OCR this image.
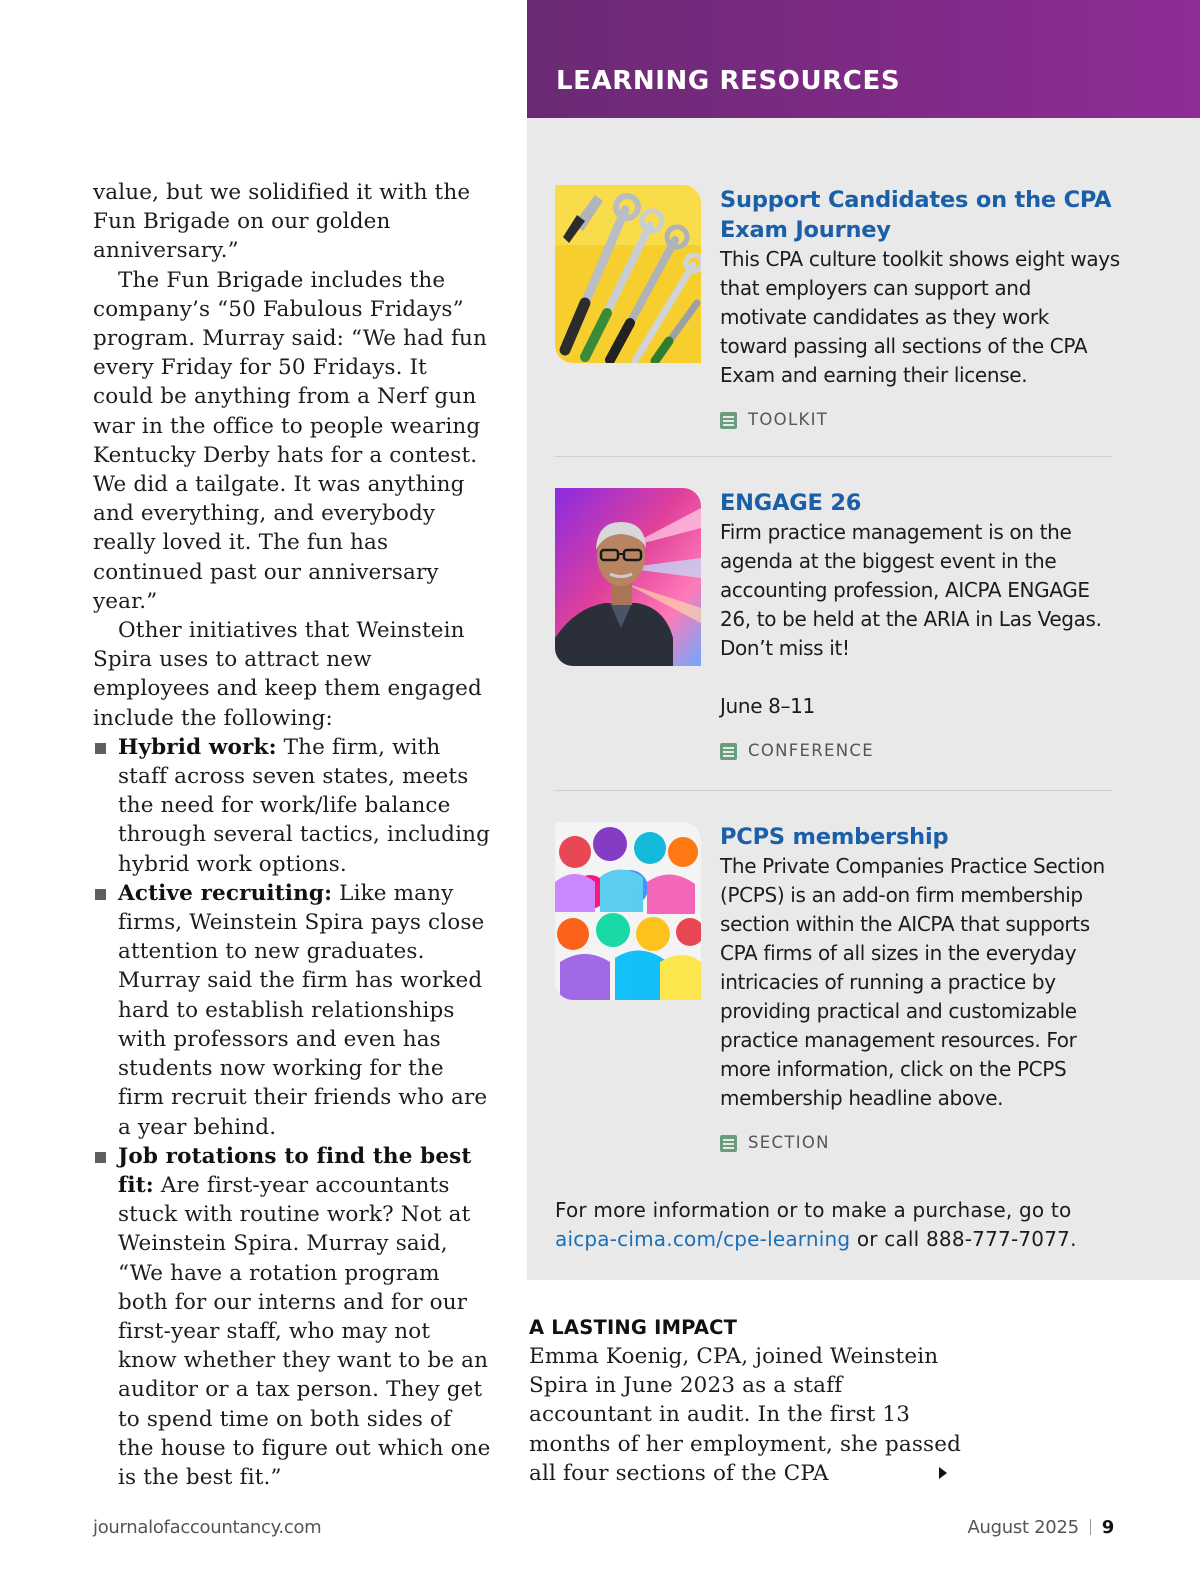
value, but we solidified it with the Fun Brigade on our golden anniversary.”

The Fun Brigade includes the company’s “50 Fabulous Fridays” program. Murray said: “We had fun every Friday for 50 Fridays. It could be anything from a Nerf gun war in the office to people wearing Kentucky Derby hats for a contest. We did a tailgate. It was anything and everything, and everybody really loved it. The fun has continued past our anniversary year.”

Other initiatives that Weinstein Spira uses to attract new employees and keep them engaged include the following:

Hybrid work: The firm, with staff across seven states, meets the need for work/life balance through several tactics, including hybrid work options.
Active recruiting: Like many firms, Weinstein Spira pays close attention to new graduates. Murray said the firm has worked hard to establish relationships with professors and even has students now working for the firm recruit their friends who are a year behind.
Job rotations to find the best fit: Are first-year accountants stuck with routine work? Not at Weinstein Spira. Murray said, “We have a rotation program both for our interns and for our first-year staff, who may not know whether they want to be an auditor or a tax person. They get to spend time on both sides of the house to figure out which one is the best fit.”
LEARNING RESOURCES
Support Candidates on the CPA Exam Journey
This CPA culture toolkit shows eight ways that employers can support and motivate candidates as they work toward passing all sections of the CPA Exam and earning their license.
TOOLKIT
ENGAGE 26
Firm practice management is on the agenda at the biggest event in the accounting profession, AICPA ENGAGE 26, to be held at the ARIA in Las Vegas. Don’t miss it!
June 8–11
CONFERENCE
PCPS membership
The Private Companies Practice Section (PCPS) is an add-on firm membership section within the AICPA that supports CPA firms of all sizes in the everyday intricacies of running a practice by providing practical and customizable practice management resources. For more information, click on the PCPS membership headline above.
SECTION
For more information or to make a purchase, go to
aicpa-cima.com/cpe-learning or call 888-777-7077.
A LASTING IMPACT
Emma Koenig, CPA, joined Weinstein Spira in June 2023 as a staff accountant in audit. In the first 13 months of her employment, she passed all four sections of the CPA
journalofaccountancy.com	August 2025 9
